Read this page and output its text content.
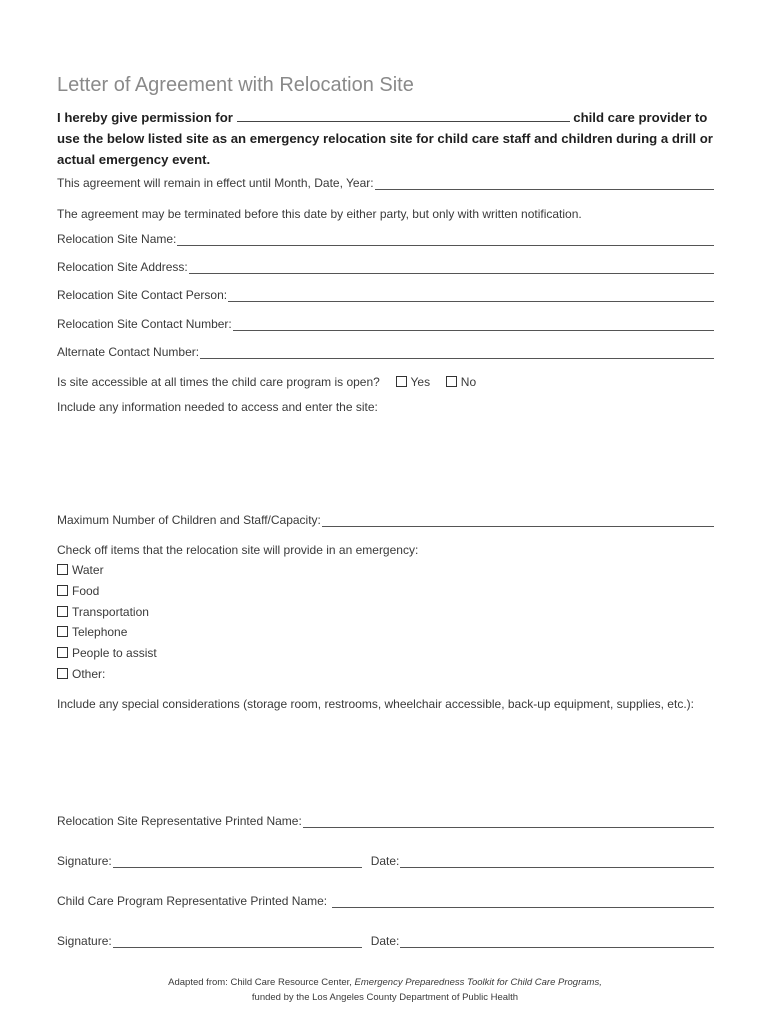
Letter of Agreement with Relocation Site
I hereby give permission for	child care provider to use the below listed site as an emergency relocation site for child care staff and children during a drill or actual emergency event.
This agreement will remain in effect until Month, Date, Year:
The agreement may be terminated before this date by either party, but only with written notification.
Relocation Site Name:
Relocation Site Address:
Relocation Site Contact Person:
Relocation Site Contact Number:
Alternate Contact Number:
Is site accessible at all times the child care program is open?	Yes	No
Include any information needed to access and enter the site:
Maximum Number of Children and Staff/Capacity:
Check off items that the relocation site will provide in an emergency:
Water
Food
Transportation
Telephone
People to assist
Other:
Include any special considerations (storage room, restrooms, wheelchair accessible, back-up equipment, supplies, etc.):
Relocation Site Representative Printed Name:
Signature:	Date:
Child Care Program Representative Printed Name:
Signature:	Date:
Adapted from: Child Care Resource Center, Emergency Preparedness Toolkit for Child Care Programs,
funded by the Los Angeles County Department of Public Health
